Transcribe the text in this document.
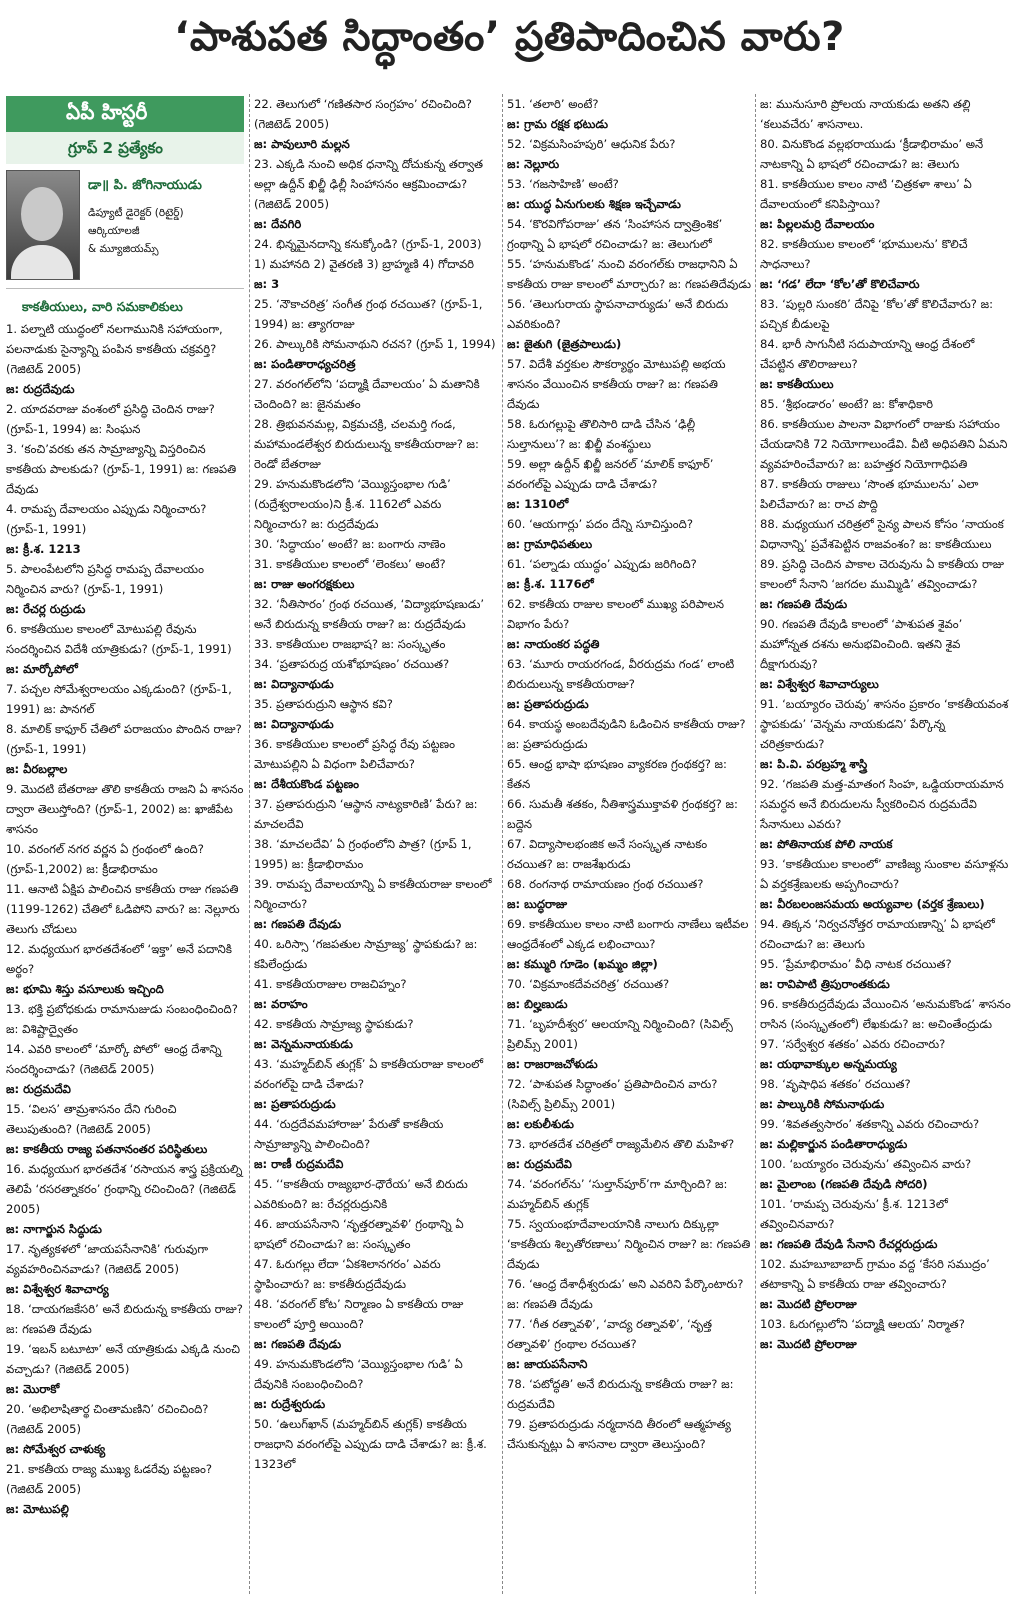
‘పాశుపత సిద్ధాంతం’ ప్రతిపాదించిన వారు?
ఏపీ హిస్టరీ
గ్రూప్ 2 ప్రత్యేకం
డా॥ పి. జోగినాయుడు
డిప్యూటీ డైరెక్టర్ (రిటైర్డ్)
ఆర్కియాలజీ
& మ్యూజియమ్స్
కాకతీయులు, వారి సమకాలికులు
1. పల్నాటి యుద్ధంలో నలగామునికి సహాయంగా, పలనాడుకు సైన్యాన్ని పంపిన కాకతీయ చక్రవర్తి? (గెజిటెడ్ 2005)
జ: రుద్రదేవుడు
2. యాదవరాజు వంశంలో ప్రసిద్ధి చెందిన రాజు? (గ్రూప్-1, 1994) జ: సింఘన
3. ‘కంచి’వరకు తన సామ్రాజ్యాన్ని విస్తరించిన కాకతీయ పాలకుడు? (గ్రూప్-1, 1991) జ: గణపతి దేవుడు
4. రామప్ప దేవాలయం ఎప్పుడు నిర్మించారు? (గ్రూప్-1, 1991)
జ: క్రీ.శ. 1213
5. పాలంపేటలోని ప్రసిద్ధ రామప్ప దేవాలయం నిర్మించిన వారు? (గ్రూప్-1, 1991)
జ: రేచర్ల రుద్రుడు
6. కాకతీయుల కాలంలో మోటుపల్లి రేవును సందర్శించిన విదేశీ యాత్రికుడు? (గ్రూప్-1, 1991)
జ: మార్కోపోలో
7. పచ్చల సోమేశ్వరాలయం ఎక్కడుంది? (గ్రూప్-1, 1991) జ: పానగల్
8. మాలిక్ కాఫూర్ చేతిలో పరాజయం పొందిన రాజు? (గ్రూప్-1, 1991)
జ: వీరబల్లాల
9. మొదటి బేతరాజు తొలి కాకతీయ రాజని ఏ శాసనం ద్వారా తెలుస్తోంది? (గ్రూప్-1, 2002) జ: ఖాజీపేట శాసనం
10. వరంగల్ నగర వర్ణన ఏ గ్రంథంలో ఉంది? (గ్రూప్-1,2002) జ: క్రీడాభిరామం
11. ఆనాటి ఏక్షిప పాలించిన కాకతీయ రాజు గణపతి (1199-1262) చేతిలో ఓడిపోని వారు? జ: నెల్లూరు తెలుగు చోడులు
12. మధ్యయుగ భారతదేశంలో ‘ఇక్తా’ అనే పదానికి అర్థం?
జ: భూమి శిస్తు వసూలుకు ఇచ్చింది
13. భక్తి ప్రబోధకుడు రామానుజుడు సంబంధించింది? జ: విశిష్టాద్వైతం
14. ఎవరి కాలంలో ‘మార్కో పోలో’ ఆంధ్ర దేశాన్ని సందర్శించాడు? (గెజిటెడ్ 2005)
జ: రుద్రమదేవి
15. ‘విలస’ తామ్రశాసనం దేని గురించి తెలుపుతుంది? (గెజిటెడ్ 2005)
జ: కాకతీయ రాజ్య పతనానంతర పరిస్థితులు
16. మధ్యయుగ భారతదేశ ‘రసాయన శాస్త్ర ప్రక్రియల్ని తెలిపే ‘రసరత్నాకరం’ గ్రంథాన్ని రచించింది? (గెజిటెడ్ 2005)
జ: నాగార్జున సిద్ధుడు
17. నృత్యకళలో ‘జాయపసేనానికి’ గురువుగా వ్యవహరించినవాడు? (గెజిటెడ్ 2005)
జ: విశ్వేశ్వర శివాచార్య
18. ‘దాయగజకేసరి’ అనే బిరుదున్న కాకతీయ రాజు? జ: గణపతి దేవుడు
19. ‘ఇబన్ బటూటా’ అనే యాత్రికుడు ఎక్కడి నుంచి వచ్చాడు? (గెజిటెడ్ 2005)
జ: మొరాకో
20. ‘అభిలాషితార్థ చింతామణిని’ రచించింది? (గెజిటెడ్ 2005)
జ: సోమేశ్వర చాళుక్య
21. కాకతీయ రాజ్య ముఖ్య ఓడరేవు పట్టణం? (గెజిటెడ్ 2005)
జ: మోటుపల్లి
22. తెలుగులో ‘గణితసార సంగ్రహం’ రచించింది? (గెజిటెడ్ 2005)
జ: పావులూరి మల్లన
23. ఎక్కడి నుంచి అధిక ధనాన్ని దోచుకున్న తర్వాత అల్లా ఉద్దీన్ ఖిల్జీ ఢిల్లీ సింహాసనం ఆక్రమించాడు? (గెజిటెడ్ 2005)
జ: దేవగిరి
24. భిన్నమైనదాన్ని కనుక్కోండి? (గ్రూప్-1, 2003)
1) మహానది 2) వైతరణి 3) బ్రాహ్మణి 4) గోదావరి
జ: 3
25. ‘నౌకాచరిత్ర’ సంగీత గ్రంథ రచయిత? (గ్రూప్-1, 1994) జ: త్యాగరాజు
26. పాల్కురికి సోమనాథుని రచన? (గ్రూప్ 1, 1994)
జ: పండితారాధ్యచరిత్ర
27. వరంగల్‌లోని ‘పద్మాక్షి దేవాలయం’ ఏ మతానికి చెందింది? జ: జైనమతం
28. త్రిభువనమల్ల, విక్రమచక్రి, చలమర్తి గండ, మహామండలేశ్వర బిరుదులున్న కాకతీయరాజు? జ: రెండో బేతరాజు
29. హనుమకొండలోని ‘వెయ్యిస్తంభాల గుడి’ (రుద్రేశ్వరాలయం)ని క్రీ.శ. 1162లో ఎవరు నిర్మించారు? జ: రుద్రదేవుడు
30. ‘సిద్ధాయం’ అంటే? జ: బంగారు నాణెం
31. కాకతీయుల కాలంలో ‘లెంకలు’ అంటే?
జ: రాజు అంగరక్షకులు
32. ‘నీతిసారం’ గ్రంథ రచయిత, ‘విద్యాభూషణుడు’ అనే బిరుదున్న కాకతీయ రాజు? జ: రుద్రదేవుడు
33. కాకతీయుల రాజభాష? జ: సంస్కృతం
34. ‘ప్రతాపరుద్ర యశోభూషణం’ రచయిత?
జ: విద్యానాథుడు
35. ప్రతాపరుద్రుని ఆస్థాన కవి?
జ: విద్యానాథుడు
36. కాకతీయుల కాలంలో ప్రసిద్ధ రేవు పట్టణం మోటుపల్లిని ఏ విధంగా పిలిచేవారు?
జ: దేశీయకొండ పట్టణం
37. ప్రతాపరుద్రుని ‘ఆస్థాన నాట్యకారిణి’ పేరు? జ: మాచలదేవి
38. ‘మాచలదేవి’ ఏ గ్రంథంలోని పాత్ర? (గ్రూప్ 1, 1995) జ: క్రీడాభిరామం
39. రామప్ప దేవాలయాన్ని ఏ కాకతీయరాజు కాలంలో నిర్మించారు?
జ: గణపతి దేవుడు
40. ఒరిస్సా ‘గజపతుల సామ్రాజ్య’ స్థాపకుడు? జ: కపిలేంద్రుడు
41. కాకతీయరాజుల రాజచిహ్నం?
జ: వరాహం
42. కాకతీయ సామ్రాజ్య స్థాపకుడు?
జ: వెన్నమనాయకుడు
43. ‘మహ్మద్‌బిన్ తుగ్లక్’ ఏ కాకతీయరాజు కాలంలో వరంగల్‌పై దాడి చేశాడు?
జ: ప్రతాపరుద్రుడు
44. ‘రుద్రదేవమహారాజు’ పేరుతో కాకతీయ సామ్రాజ్యాన్ని పాలించింది?
జ: రాణీ రుద్రమదేవి
45. ‘‘కాకతీయ రాజ్యభార-ధౌరేయ’ అనే బిరుదు ఎవరికుంది? జ: రేచర్లరుద్రునికి
46. జాయపసేనాని ‘నృత్తరత్నావళి’ గ్రంథాన్ని ఏ భాషలో రచించాడు? జ: సంస్కృతం
47. ఓరుగల్లు లేదా ‘ఏకశిలానగరం’ ఎవరు స్థాపించారు? జ: కాకతీరుద్రదేవుడు
48. ‘వరంగల్ కోట’ నిర్మాణం ఏ కాకతీయ రాజు కాలంలో పూర్తి అయింది?
జ: గణపతి దేవుడు
49. హనుమకొండలోని ‘వెయ్యిస్తంభాల గుడి’ ఏ దేవునికి సంబంధించింది?
జ: రుద్రేశ్వరుడు
50. ‘ఉలుగ్‌ఖాన్ (మహ్మద్‌బిన్ తుగ్లక్) కాకతీయ రాజధాని వరంగల్‌పై ఎప్పుడు దాడి చేశాడు? జ: క్రీ.శ. 1323లో
51. ‘తలారి’ అంటే?
జ: గ్రామ రక్షక భటుడు
52. ‘విక్రమసింహపురి’ ఆధునిక పేరు?
జ: నెల్లూరు
53. ‘గజసాహిణి’ అంటే?
జ: యుద్ధ ఏనుగులకు శిక్షణ ఇచ్చేవాడు
54. ‘కొరవిగోపరాజు’ తన ‘సింహాసన ద్వాత్రింశిక’ గ్రంథాన్ని ఏ భాషలో రచించాడు? జ: తెలుగులో
55. ‘హనుమకొండ’ నుంచి వరంగల్‌కు రాజధానిని ఏ కాకతీయ రాజు కాలంలో మార్చారు? జ: గణపతిదేవుడు
56. ‘తెలుగురాయ స్థాపనాచార్యుడు’ అనే బిరుదు ఎవరికుంది?
జ: జైతుగి (జైత్రపాలుడు)
57. విదేశీ వర్తకుల సౌకర్యార్థం మోటుపల్లి అభయ శాసనం వేయించిన కాకతీయ రాజు? జ: గణపతి దేవుడు
58. ఓరుగల్లుపై తొలిసారి దాడి చేసిన ‘ఢిల్లీ సుల్తానులు’? జ: ఖిల్జీ వంశస్థులు
59. అల్లా ఉద్దీన్ ఖిల్జీ జనరల్ ‘మాలిక్ కాఫూర్’ వరంగల్‌పై ఎప్పుడు దాడి చేశాడు?
జ: 1310లో
60. ‘ఆయగార్లు’ పదం దేన్ని సూచిస్తుంది?
జ: గ్రామాధిపతులు
61. ‘పల్నాడు యుద్ధం’ ఎప్పుడు జరిగింది?
జ: క్రీ.శ. 1176లో
62. కాకతీయ రాజుల కాలంలో ముఖ్య పరిపాలన విభాగం పేరు?
జ: నాయంకర పద్ధతి
63. ‘మూరు రాయరగండ, వీరరుద్రమ గండ’ లాంటి బిరుదులున్న కాకతీయరాజు?
జ: ప్రతాపరుద్రుడు
64. కాయస్థ అంబదేవుడిని ఓడించిన కాకతీయ రాజు? జ: ప్రతాపరుద్రుడు
65. ఆంధ్ర భాషా భూషణం వ్యాకరణ గ్రంథకర్త? జ: కేతన
66. సుమతీ శతకం, నీతిశాస్త్రముక్తావళి గ్రంథకర్త? జ: బద్దెన
67. విద్యాసాలభంజిక అనే సంస్కృత నాటకం రచయిత? జ: రాజశేఖరుడు
68. రంగనాథ రామాయణం గ్రంథ రచయిత?
జ: బుద్ధరాజు
69. కాకతీయుల కాలం నాటి బంగారు నాణేలు ఇటీవల ఆంధ్రదేశంలో ఎక్కడ లభించాయి?
జ: కమ్మురి గూడెం (ఖమ్మం జిల్లా)
70. ‘విక్రమాంకదేవచరిత్ర’ రచయిత?
జ: బిల్హణుడు
71. ‘బృహదీశ్వర’ ఆలయాన్ని నిర్మించింది? (సివిల్స్ ప్రిలిమ్స్ 2001)
జ: రాజరాజచోళుడు
72. ‘పాశుపత సిద్ధాంతం’ ప్రతిపాదించిన వారు? (సివిల్స్ ప్రిలిమ్స్ 2001)
జ: లకులీశుడు
73. భారతదేశ చరిత్రలో రాజ్యమేలిన తొలి మహిళ?
జ: రుద్రమదేవి
74. ‘వరంగల్‌ను’ ‘సుల్తాన్‌పూర్’గా మార్చింది? జ: మహ్మద్‌బిన్ తుగ్లక్
75. స్వయంభూదేవాలయానికి నాలుగు దిక్కుల్లా ‘కాకతీయ శిల్పతోరణాలు’ నిర్మించిన రాజు? జ: గణపతి దేవుడు
76. ‘ఆంధ్ర దేశాధీశ్వరుడు’ అని ఎవరిని పేర్కొంటారు? జ: గణపతి దేవుడు
77. ‘గీత రత్నావళి’, ‘వాద్య రత్నావళి’, ‘నృత్త రత్నావళి’ గ్రంథాల రచయిత?
జ: జాయపసేనాని
78. ‘పటోద్ధతి’ అనే బిరుదున్న కాకతీయ రాజు? జ: రుద్రమదేవి
79. ప్రతాపరుద్రుడు నర్మదానది తీరంలో ఆత్మహత్య చేసుకున్నట్లు ఏ శాసనాల ద్వారా తెలుస్తుంది?
జ: మునుసూరి ప్రోలయ నాయకుడు అతని తల్లి ‘కలువచేరు’ శాసనాలు.
80. వినుకొండ వల్లభరాయుడు ‘క్రీడాభిరామం’ అనే నాటకాన్ని ఏ భాషలో రచించాడు? జ: తెలుగు
81. కాకతీయుల కాలం నాటి ‘చిత్రకళా శాలు’ ఏ దేవాలయంలో కనిపిస్తాయి?
జ: పిల్లలమర్రి దేవాలయం
82. కాకతీయుల కాలంలో ‘భూములను’ కొలిచే సాధనాలు?
జ: ‘గడ’ లేదా ‘కోల’తో కొలిచేవారు
83. ‘పుల్లరి సుంకరి’ దేనిపై ‘కోల’తో కొలిచేవారు? జ: పచ్చిక బీడులపై
84. భారీ సాగునీటి సదుపాయాన్ని ఆంధ్ర దేశంలో చేపట్టిన తొలిరాజులు?
జ: కాకతీయులు
85. ‘శ్రీభండారం’ అంటే? జ: కోశాధికారి
86. కాకతీయుల పాలనా విభాగంలో రాజుకు సహాయం చేయడానికి 72 నియోగాలుండేవి. వీటి అధిపతిని ఏమని వ్యవహరించేవారు? జ: బహత్తర నియోగాధిపతి
87. కాకతీయ రాజులు ‘సొంత భూములను’ ఎలా పిలిచేవారు? జ: రాచ పొద్ది
88. మధ్యయుగ చరిత్రలో సైన్య పాలన కోసం ‘నాయంక విధానాన్ని’ ప్రవేశపెట్టిన రాజవంశం? జ: కాకతీయులు
89. ప్రసిద్ధి చెందిన పాకాల చెరువును ఏ కాకతీయ రాజు కాలంలో సేనాని ‘జగదల ముమ్మిడి’ తవ్వించాడు?
జ: గణపతి దేవుడు
90. గణపతి దేవుడి కాలంలో ‘పాశుపత శైవం’ మహోన్నత దశను అనుభవించింది. ఇతని శైవ దీక్షాగురువు?
జ: విశ్వేశ్వర శివాచార్యులు
91. ‘బయ్యారం చెరువు’ శాసనం ప్రకారం ‘కాకతీయవంశ స్థాపకుడు’ ‘వెన్నమ నాయకుడని’ పేర్కొన్న చరిత్రకారుడు?
జ: పి.వి. పరబ్రహ్మ శాస్త్రి
92. ‘గజపతి మత్త-మాతంగ సింహ, ఒడ్డియరాయమాన సమర్ధన అనే బిరుదులను స్వీకరించిన రుద్రమదేవి సేనానులు ఎవరు?
జ: పోతినాయక పోలి నాయక
93. ‘కాకతీయుల కాలంలో’ వాణిజ్య సుంకాల వసూళ్లను ఏ వర్తకశ్రేణులకు అప్పగించారు?
జ: వీరబలంజసమయ అయ్యవాల (వర్తక శ్రేణులు)
94. తిక్కన ‘నిర్వచనోత్తర రామాయణాన్ని’ ఏ భాషలో రచించాడు? జ: తెలుగు
95. ‘ప్రేమాభిరామం’ వీధి నాటక రచయిత?
జ: రావిపాటి త్రిపురాంతకుడు
96. కాకతీరుద్రదేవుడు వేయించిన ‘అనుమకొండ’ శాసనం రాసిన (సంస్కృతంలో) లేఖకుడు? జ: అచింతేంద్రుడు
97. ‘సర్వేశ్వర శతకం’ ఎవరు రచించారు?
జ: యథావాక్కుల అన్నమయ్య
98. ‘వృషాధిప శతకం’ రచయిత?
జ: పాల్కురికి సోమనాథుడు
99. ‘శివతత్వసారం’ శతకాన్ని ఎవరు రచించారు?
జ: మల్లికార్జున పండితారాధ్యుడు
100. ‘బయ్యారం చెరువును’ తవ్వించిన వారు?
జ: మైలాంబ (గణపతి దేవుడి సోదరి)
101. ‘రామప్ప చెరువును’ క్రీ.శ. 1213లో తవ్వించినవారు?
జ: గణపతి దేవుడి సేనాని రేచర్లరుద్రుడు
102. మహబూబాబాద్ గ్రామం వద్ద ‘కేసరి సముద్రం’ తటాకాన్ని ఏ కాకతీయ రాజు తవ్వించారు?
జ: మొదటి ప్రోలరాజు
103. ఓరుగల్లులోని ‘పద్మాక్షి ఆలయ’ నిర్మాత?
జ: మొదటి ప్రోలరాజు
